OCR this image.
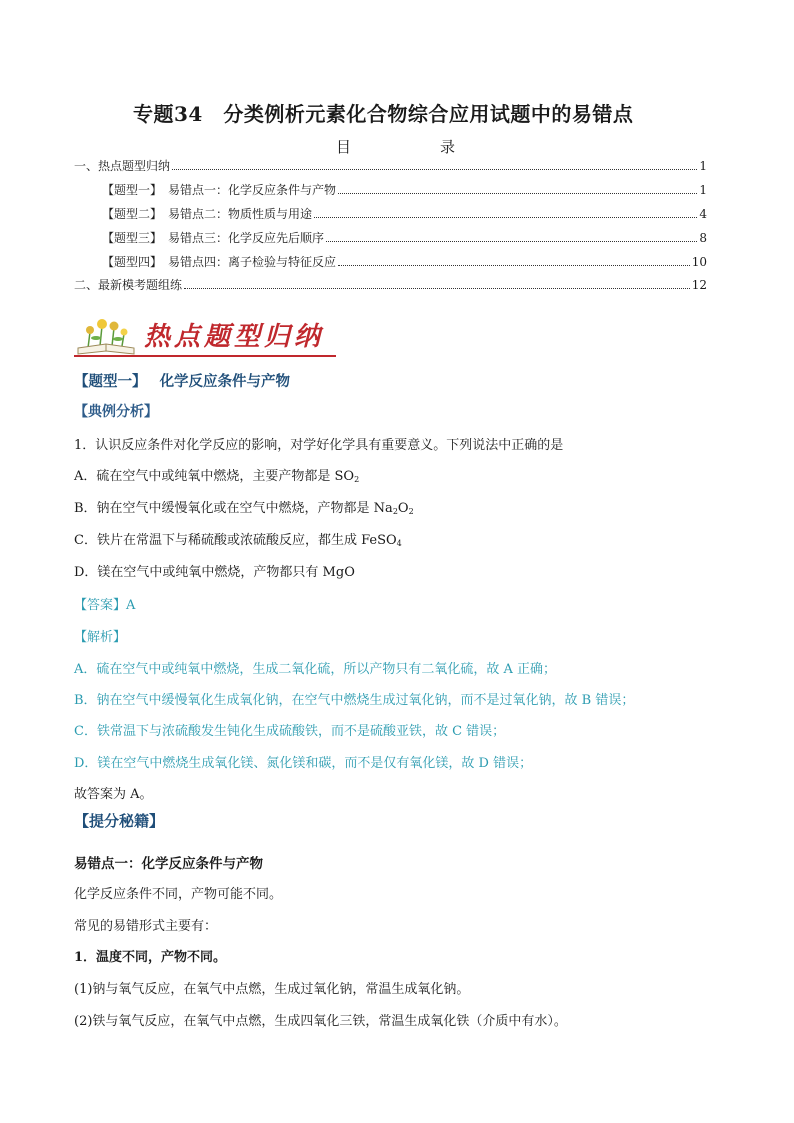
专题34　分类例析元素化合物综合应用试题中的易错点
目	录
一、热点题型归纳	1
【题型一】　易错点一：化学反应条件与产物	1
【题型二】　易错点二：物质性质与用途	4
【题型三】　易错点三：化学反应先后顺序	8
【题型四】　易错点四：离子检验与特征反应	10
二、最新模考题组练	12
热点题型归纳
【题型一】 化学反应条件与产物
【典例分析】
1．认识反应条件对化学反应的影响，对学好化学具有重要意义。下列说法中正确的是
A．硫在空气中或纯氧中燃烧，主要产物都是 $SO_2$
B．钠在空气中缓慢氧化或在空气中燃烧，产物都是 $Na_2O_2$
C．铁片在常温下与稀硫酸或浓硫酸反应，都生成 FeSO$_4$
D．镁在空气中或纯氧中燃烧，产物都只有 MgO
【答案】A
【解析】
A．硫在空气中或纯氧中燃烧，生成二氧化硫，所以产物只有二氧化硫，故 A 正确；
B．钠在空气中缓慢氧化生成氧化钠，在空气中燃烧生成过氧化钠，而不是过氧化钠，故 B 错误；
C．铁常温下与浓硫酸发生钝化生成硫酸铁，而不是硫酸亚铁，故 C 错误；
D．镁在空气中燃烧生成氧化镁、氮化镁和碳，而不是仅有氧化镁，故 D 错误；
故答案为 A。
【提分秘籍】
易错点一：化学反应条件与产物
化学反应条件不同，产物可能不同。
常见的易错形式主要有：
1．温度不同，产物不同。
(1)钠与氧气反应，在氧气中点燃，生成过氧化钠，常温生成氧化钠。
(2)铁与氧气反应，在氧气中点燃，生成四氧化三铁，常温生成氧化铁（介质中有水）。
